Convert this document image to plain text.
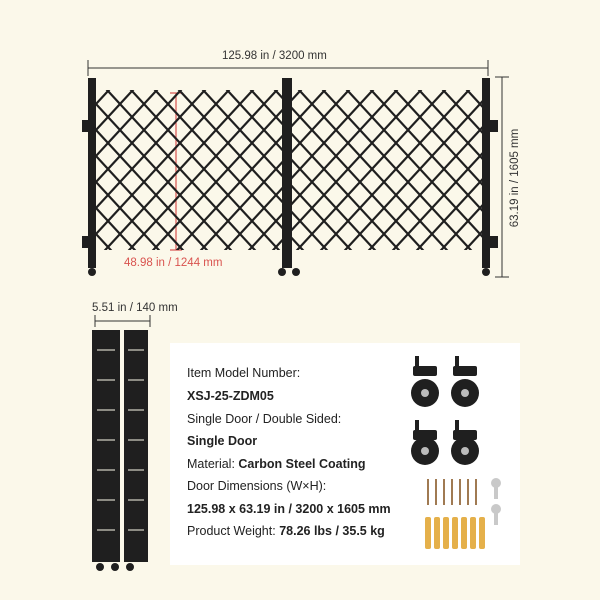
125.98 in / 3200 mm
63.19 in / 1605 mm
48.98 in / 1244 mm
5.51 in / 140 mm
Item Model Number:
XSJ-25-ZDM05
Single Door / Double Sided:
Single Door
Material: Carbon Steel Coating
Door Dimensions (W×H):
125.98 x 63.19 in / 3200 x 1605 mm
Product Weight: 78.26 lbs / 35.5 kg
